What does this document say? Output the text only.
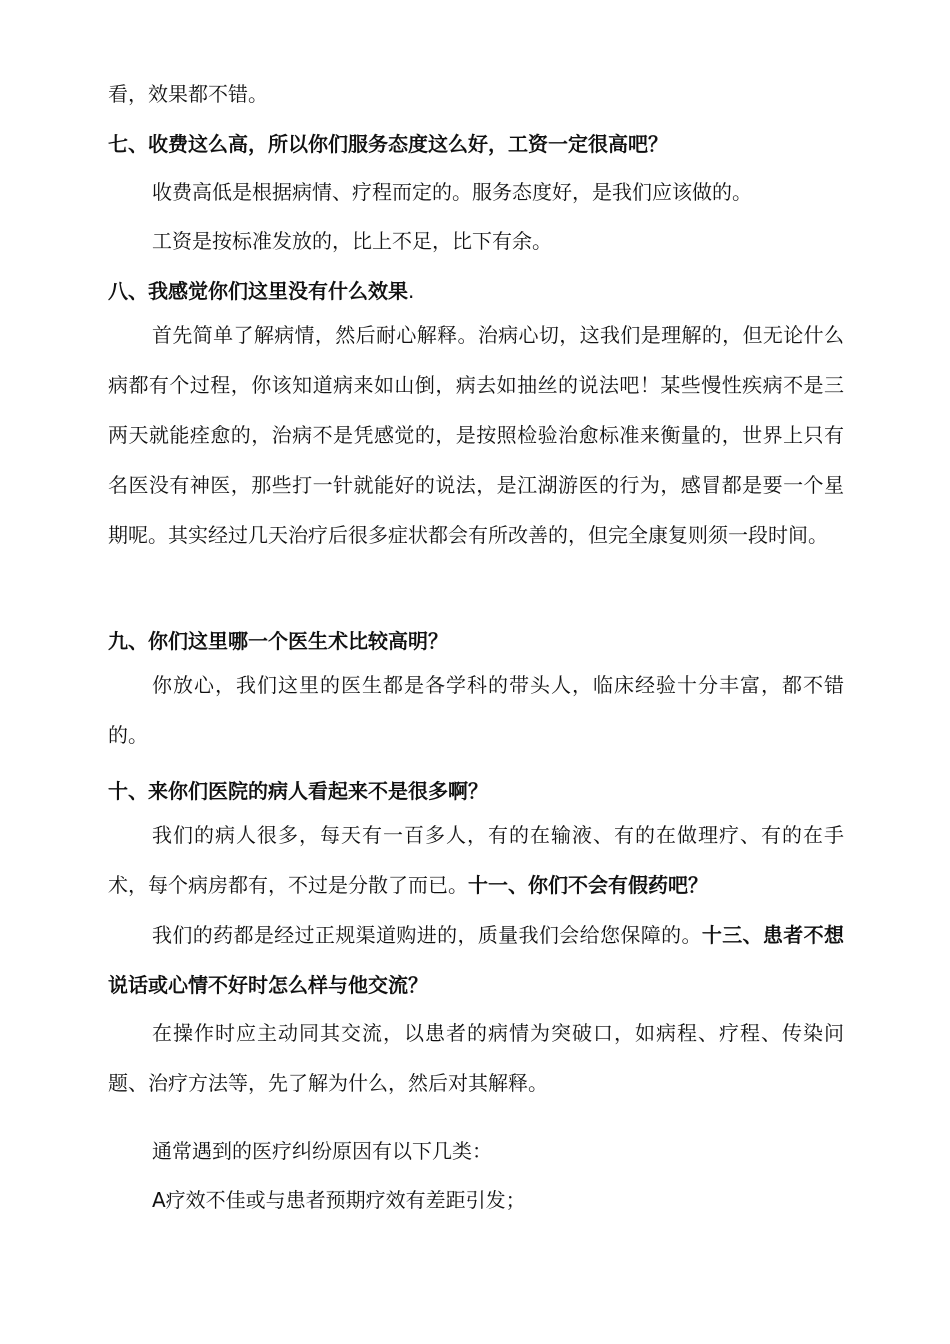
看，效果都不错。
七、收费这么高，所以你们服务态度这么好，工资一定很高吧？
收费高低是根据病情、疗程而定的。服务态度好，是我们应该做的。
工资是按标准发放的，比上不足，比下有余。
八、我感觉你们这里没有什么效果.
首先简单了解病情，然后耐心解释。治病心切，这我们是理解的，但无论什么病都有个过程，你该知道病来如山倒，病去如抽丝的说法吧！某些慢性疾病不是三两天就能痊愈的，治病不是凭感觉的，是按照检验治愈标准来衡量的，世界上只有名医没有神医，那些打一针就能好的说法，是江湖游医的行为，感冒都是要一个星期呢。其实经过几天治疗后很多症状都会有所改善的，但完全康复则须一段时间。
九、你们这里哪一个医生术比较高明？
你放心，我们这里的医生都是各学科的带头人，临床经验十分丰富，都不错的。
十、来你们医院的病人看起来不是很多啊？
我们的病人很多，每天有一百多人，有的在输液、有的在做理疗、有的在手术，每个病房都有，不过是分散了而已。十一、你们不会有假药吧？
我们的药都是经过正规渠道购进的，质量我们会给您保障的。十三、患者不想说话或心情不好时怎么样与他交流？
在操作时应主动同其交流，以患者的病情为突破口，如病程、疗程、传染问题、治疗方法等，先了解为什么，然后对其解释。
通常遇到的医疗纠纷原因有以下几类：
A疗效不佳或与患者预期疗效有差距引发；
